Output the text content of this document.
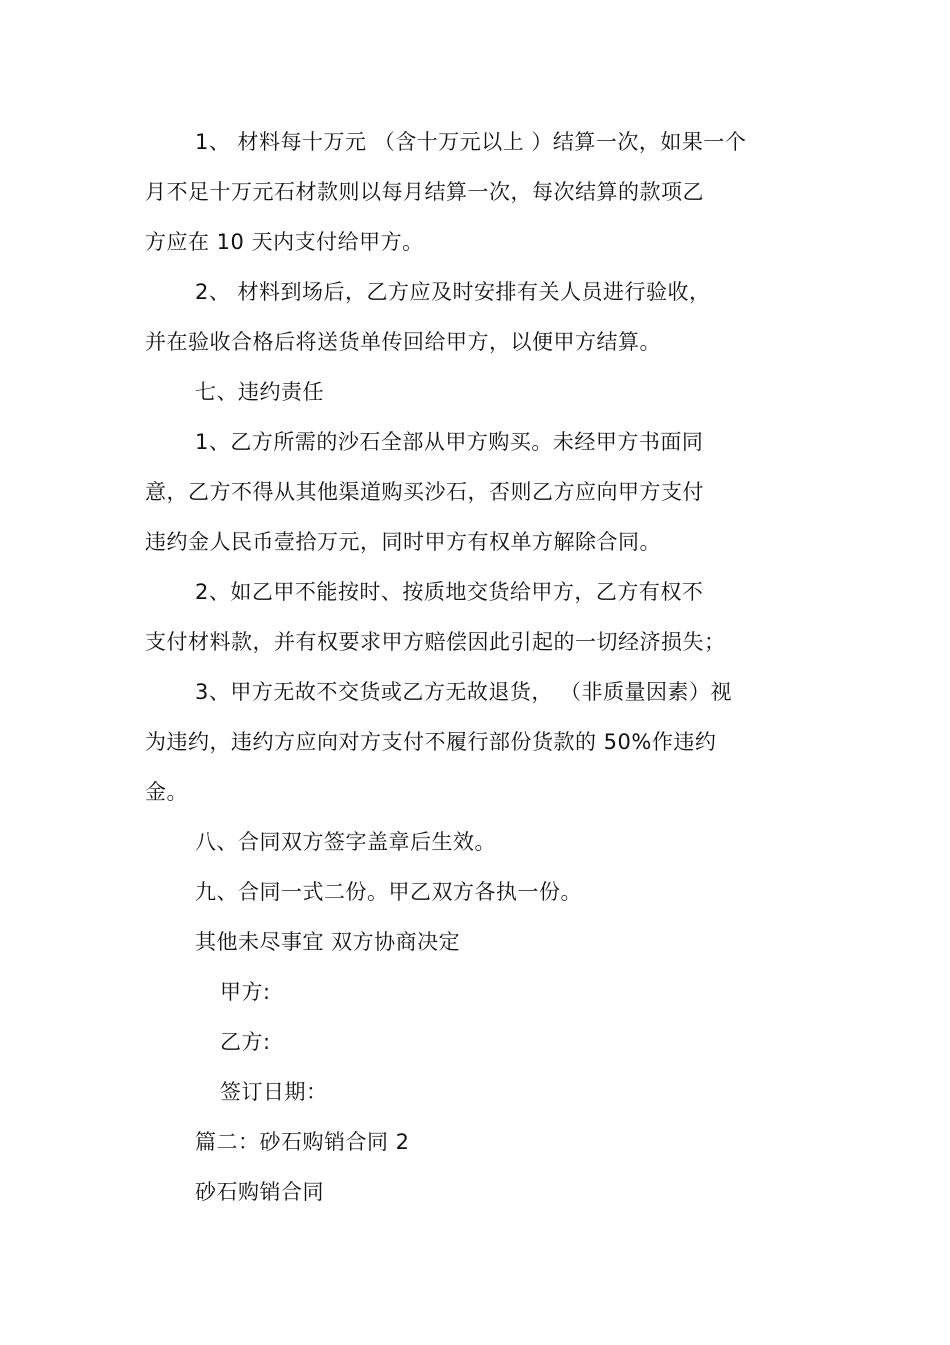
1、 材料每十万元 （含十万元以上 ）结算一次，如果一个
月不足十万元石材款则以每月结算一次，每次结算的款项乙
方应在 10 天内支付给甲方。
2、 材料到场后，乙方应及时安排有关人员进行验收，
并在验收合格后将送货单传回给甲方，以便甲方结算。
七、违约责任
1、乙方所需的沙石全部从甲方购买。未经甲方书面同
意，乙方不得从其他渠道购买沙石，否则乙方应向甲方支付
违约金人民币壹拾万元，同时甲方有权单方解除合同。
2、如乙甲不能按时、按质地交货给甲方，乙方有权不
支付材料款，并有权要求甲方赔偿因此引起的一切经济损失；
3、甲方无故不交货或乙方无故退货， （非质量因素）视
为违约，违约方应向对方支付不履行部份货款的 50%作违约
金。
八、合同双方签字盖章后生效。
九、合同一式二份。甲乙双方各执一份。
其他未尽事宜 双方协商决定
甲方:
乙方:
签订日期：
篇二：砂石购销合同 2
砂石购销合同
